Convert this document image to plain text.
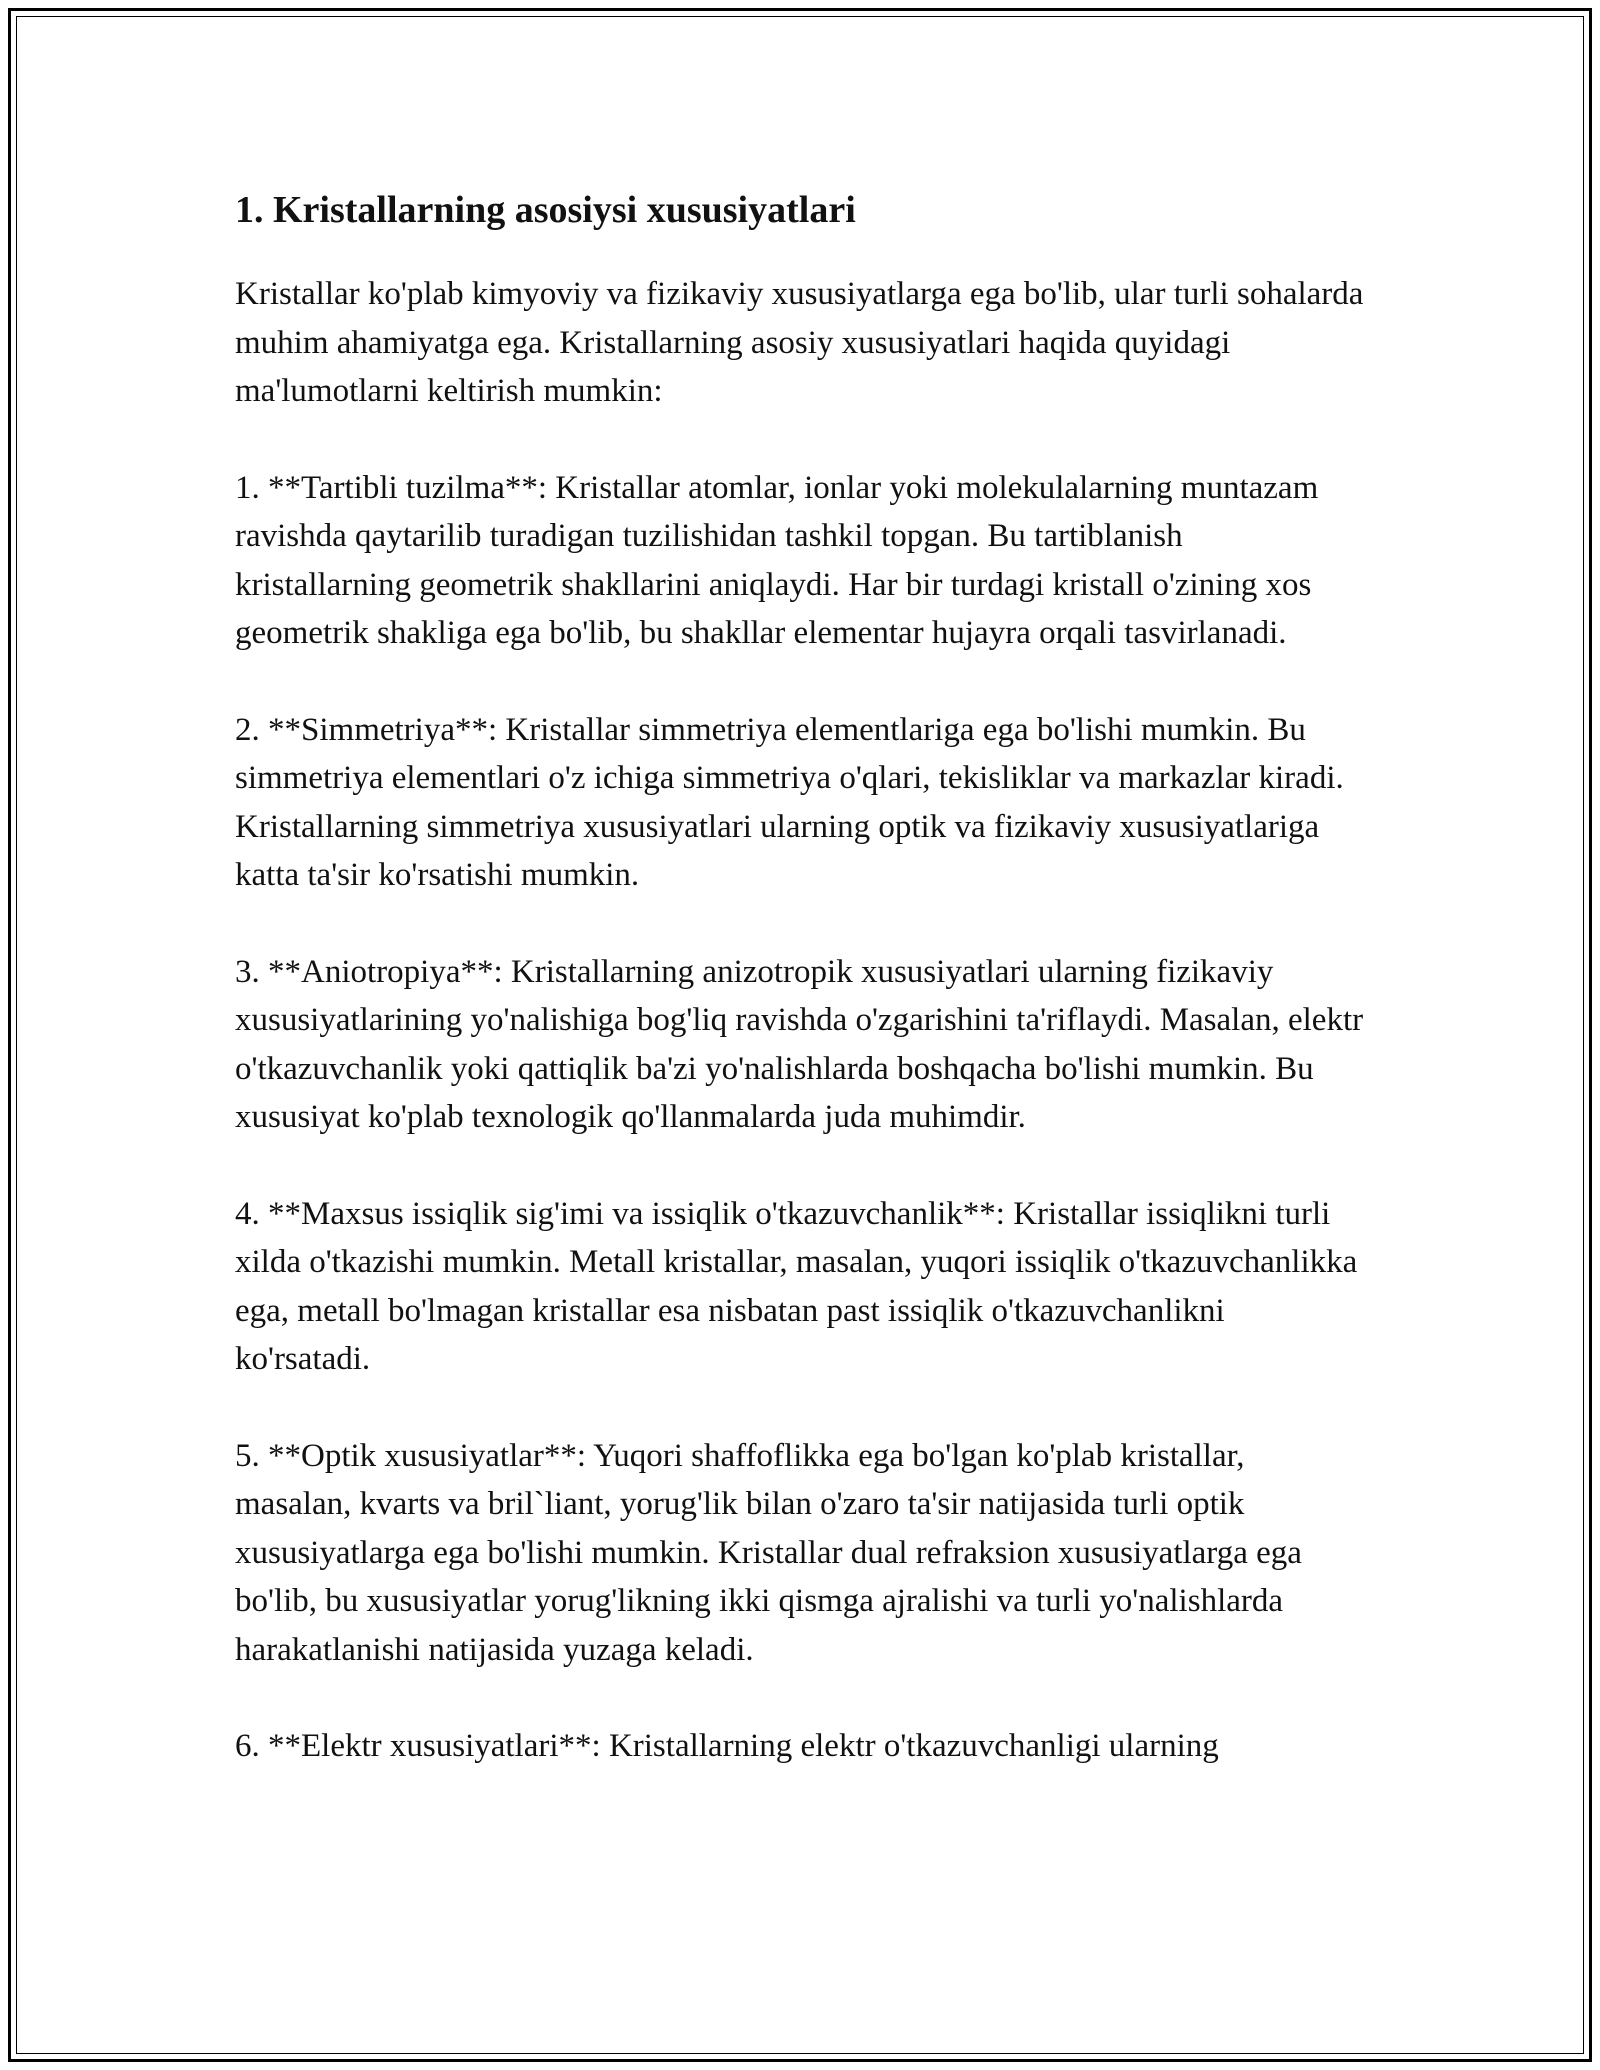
1. Kristallarning asosiysi xususiyatlari

Kristallar ko'plab kimyoviy va fizikaviy xususiyatlarga ega bo'lib, ular turli sohalarda muhim ahamiyatga ega. Kristallarning asosiy xususiyatlari haqida quyidagi ma'lumotlarni keltirish mumkin:

1. **Tartibli tuzilma**: Kristallar atomlar, ionlar yoki molekulalarning muntazam ravishda qaytarilib turadigan tuzilishidan tashkil topgan. Bu tartiblanish kristallarning geometrik shakllarini aniqlaydi. Har bir turdagi kristall o'zining xos geometrik shakliga ega bo'lib, bu shakllar elementar hujayra orqali tasvirlanadi.

2. **Simmetriya**: Kristallar simmetriya elementlariga ega bo'lishi mumkin. Bu simmetriya elementlari o'z ichiga simmetriya o'qlari, tekisliklar va markazlar kiradi. Kristallarning simmetriya xususiyatlari ularning optik va fizikaviy xususiyatlariga katta ta'sir ko'rsatishi mumkin.

3. **Aniotropiya**: Kristallarning anizotropik xususiyatlari ularning fizikaviy xususiyatlarining yo'nalishiga bog'liq ravishda o'zgarishini ta'riflaydi. Masalan, elektr o'tkazuvchanlik yoki qattiqlik ba'zi yo'nalishlarda boshqacha bo'lishi mumkin. Bu xususiyat ko'plab texnologik qo'llanmalarda juda muhimdir.

4. **Maxsus issiqlik sig'imi va issiqlik o'tkazuvchanlik**: Kristallar issiqlikni turli xilda o'tkazishi mumkin. Metall kristallar, masalan, yuqori issiqlik o'tkazuvchanlikka ega, metall bo'lmagan kristallar esa nisbatan past issiqlik o'tkazuvchanlikni ko'rsatadi.

5. **Optik xususiyatlar**: Yuqori shaffoflikka ega bo'lgan ko'plab kristallar, masalan, kvarts va bril`liant, yorug'lik bilan o'zaro ta'sir natijasida turli optik xususiyatlarga ega bo'lishi mumkin. Kristallar dual refraksion xususiyatlarga ega bo'lib, bu xususiyatlar yorug'likning ikki qismga ajralishi va turli yo'nalishlarda harakatlanishi natijasida yuzaga keladi.

6. **Elektr xususiyatlari**: Kristallarning elektr o'tkazuvchanligi ularning
